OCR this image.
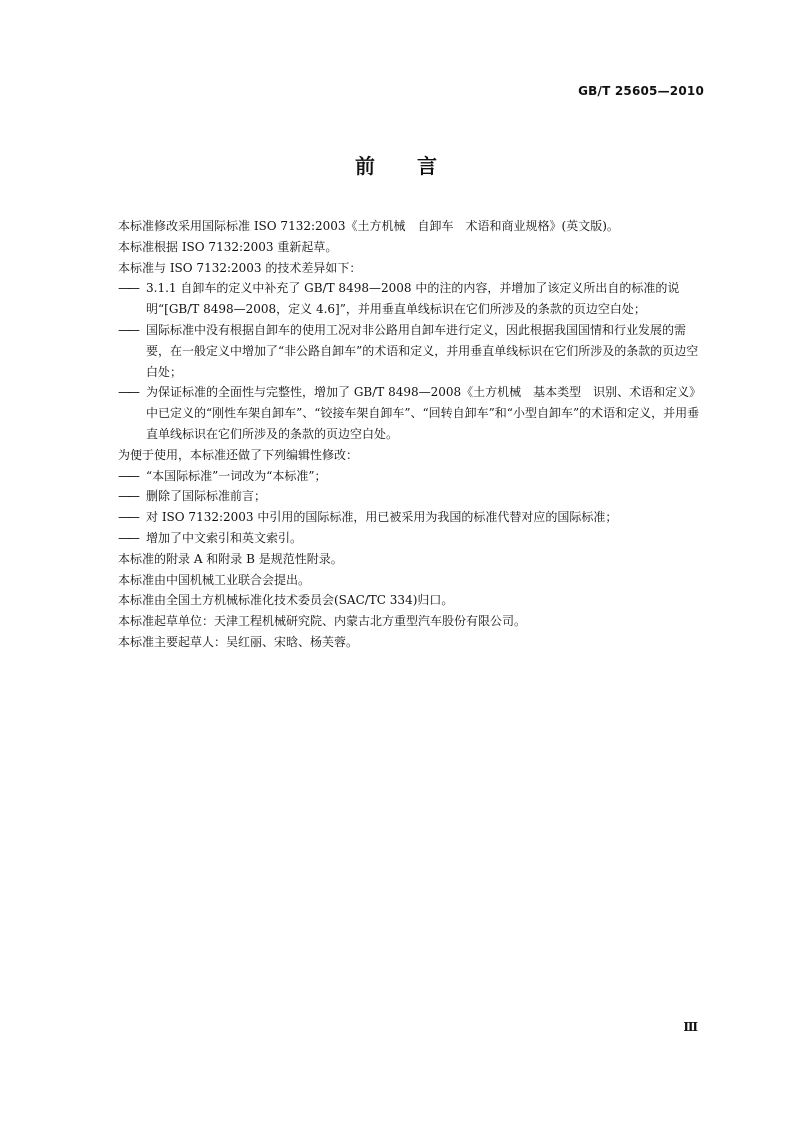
GB/T 25605—2010
前 言

本标准修改采用国际标准 ISO 7132:2003《土方机械　自卸车　术语和商业规格》(英文版)。

本标准根据 ISO 7132:2003 重新起草。

本标准与 ISO 7132:2003 的技术差异如下：

—— 3.1.1 自卸车的定义中补充了 GB/T 8498—2008 中的注的内容，并增加了该定义所出自的标准的说明“[GB/T 8498—2008，定义 4.6]”，并用垂直单线标识在它们所涉及的条款的页边空白处；
—— 国际标准中没有根据自卸车的使用工况对非公路用自卸车进行定义，因此根据我国国情和行业发展的需要，在一般定义中增加了“非公路自卸车”的术语和定义，并用垂直单线标识在它们所涉及的条款的页边空白处；
—— 为保证标准的全面性与完整性，增加了 GB/T 8498—2008《土方机械　基本类型　识别、术语和定义》中已定义的“刚性车架自卸车”、“铰接车架自卸车”、“回转自卸车”和“小型自卸车”的术语和定义，并用垂直单线标识在它们所涉及的条款的页边空白处。

为便于使用，本标准还做了下列编辑性修改：

—— “本国际标准”一词改为“本标准”；
—— 删除了国际标准前言；
—— 对 ISO 7132:2003 中引用的国际标准，用已被采用为我国的标准代替对应的国际标准；
—— 增加了中文索引和英文索引。

本标准的附录 A 和附录 B 是规范性附录。

本标准由中国机械工业联合会提出。

本标准由全国土方机械标准化技术委员会(SAC/TC 334)归口。

本标准起草单位：天津工程机械研究院、内蒙古北方重型汽车股份有限公司。

本标准主要起草人：吴红丽、宋晗、杨芙蓉。

Ⅲ
